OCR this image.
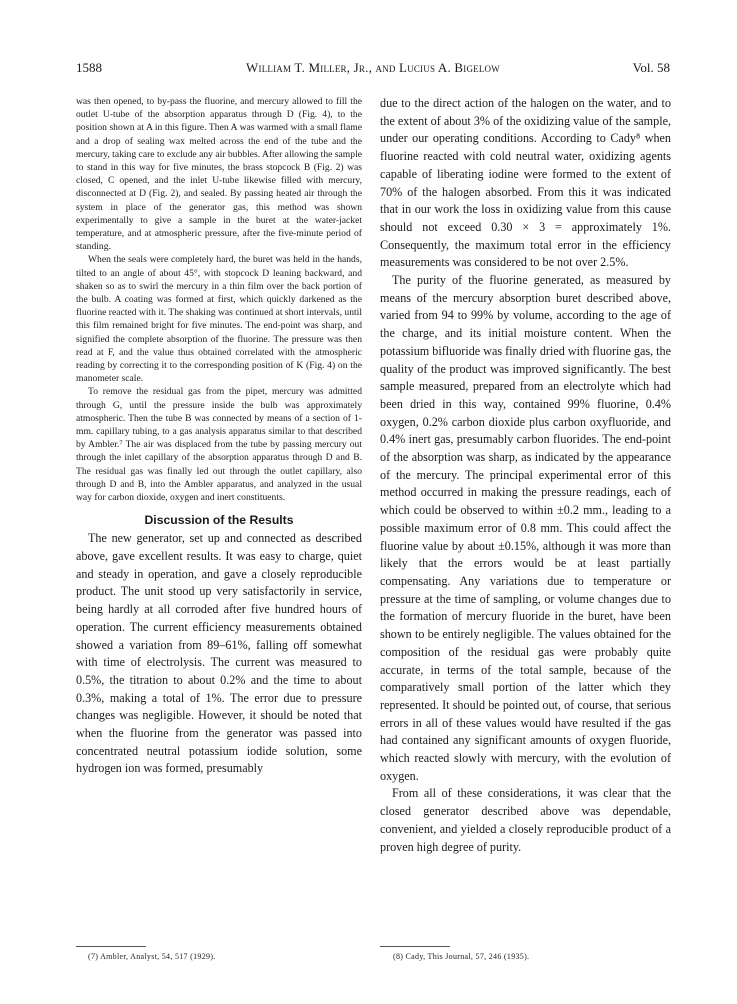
1588	William T. Miller, Jr., and Lucius A. Bigelow	Vol. 58

was then opened, to by-pass the fluorine, and mercury allowed to fill the outlet U-tube of the absorption apparatus through D (Fig. 4), to the position shown at A in this figure. Then A was warmed with a small flame and a drop of sealing wax melted across the end of the tube and the mercury, taking care to exclude any air bubbles. After allowing the sample to stand in this way for five minutes, the brass stopcock B (Fig. 2) was closed, C opened, and the inlet U-tube likewise filled with mercury, disconnected at D (Fig. 2), and sealed. By passing heated air through the system in place of the generator gas, this method was shown experimentally to give a sample in the buret at the water-jacket temperature, and at atmospheric pressure, after the five-minute period of standing.

When the seals were completely hard, the buret was held in the hands, tilted to an angle of about 45°, with stopcock D leaning backward, and shaken so as to swirl the mercury in a thin film over the back portion of the bulb. A coating was formed at first, which quickly darkened as the fluorine reacted with it. The shaking was continued at short intervals, until this film remained bright for five minutes. The end-point was sharp, and signified the complete absorption of the fluorine. The pressure was then read at F, and the value thus obtained correlated with the atmospheric reading by correcting it to the corresponding position of K (Fig. 4) on the manometer scale.

To remove the residual gas from the pipet, mercury was admitted through G, until the pressure inside the bulb was approximately atmospheric. Then the tube B was connected by means of a section of 1-mm. capillary tubing, to a gas analysis apparatus similar to that described by Ambler.⁷ The air was displaced from the tube by passing mercury out through the inlet capillary of the absorption apparatus through D and B. The residual gas was finally led out through the outlet capillary, also through D and B, into the Ambler apparatus, and analyzed in the usual way for carbon dioxide, oxygen and inert constituents.

Discussion of the Results

The new generator, set up and connected as described above, gave excellent results. It was easy to charge, quiet and steady in operation, and gave a closely reproducible product. The unit stood up very satisfactorily in service, being hardly at all corroded after five hundred hours of operation. The current efficiency measurements obtained showed a variation from 89–61%, falling off somewhat with time of electrolysis. The current was measured to 0.5%, the titration to about 0.2% and the time to about 0.3%, making a total of 1%. The error due to pressure changes was negligible. However, it should be noted that when the fluorine from the generator was passed into concentrated neutral potassium iodide solution, some hydrogen ion was formed, presumably

due to the direct action of the halogen on the water, and to the extent of about 3% of the oxidizing value of the sample, under our operating conditions. According to Cady⁸ when fluorine reacted with cold neutral water, oxidizing agents capable of liberating iodine were formed to the extent of 70% of the halogen absorbed. From this it was indicated that in our work the loss in oxidizing value from this cause should not exceed 0.30 × 3 = approximately 1%. Consequently, the maximum total error in the efficiency measurements was considered to be not over 2.5%.

The purity of the fluorine generated, as measured by means of the mercury absorption buret described above, varied from 94 to 99% by volume, according to the age of the charge, and its initial moisture content. When the potassium bifluoride was finally dried with fluorine gas, the quality of the product was improved significantly. The best sample measured, prepared from an electrolyte which had been dried in this way, contained 99% fluorine, 0.4% oxygen, 0.2% carbon dioxide plus carbon oxyfluoride, and 0.4% inert gas, presumably carbon fluorides. The end-point of the absorption was sharp, as indicated by the appearance of the mercury. The principal experimental error of this method occurred in making the pressure readings, each of which could be observed to within ±0.2 mm., leading to a possible maximum error of 0.8 mm. This could affect the fluorine value by about ±0.15%, although it was more than likely that the errors would be at least partially compensating. Any variations due to temperature or pressure at the time of sampling, or volume changes due to the formation of mercury fluoride in the buret, have been shown to be entirely negligible. The values obtained for the composition of the residual gas were probably quite accurate, in terms of the total sample, because of the comparatively small portion of the latter which they represented. It should be pointed out, of course, that serious errors in all of these values would have resulted if the gas had contained any significant amounts of oxygen fluoride, which reacted slowly with mercury, with the evolution of oxygen.

From all of these considerations, it was clear that the closed generator described above was dependable, convenient, and yielded a closely reproducible product of a proven high degree of purity.

(7) Ambler, Analyst, 54, 517 (1929).	(8) Cady, This Journal, 57, 246 (1935).
